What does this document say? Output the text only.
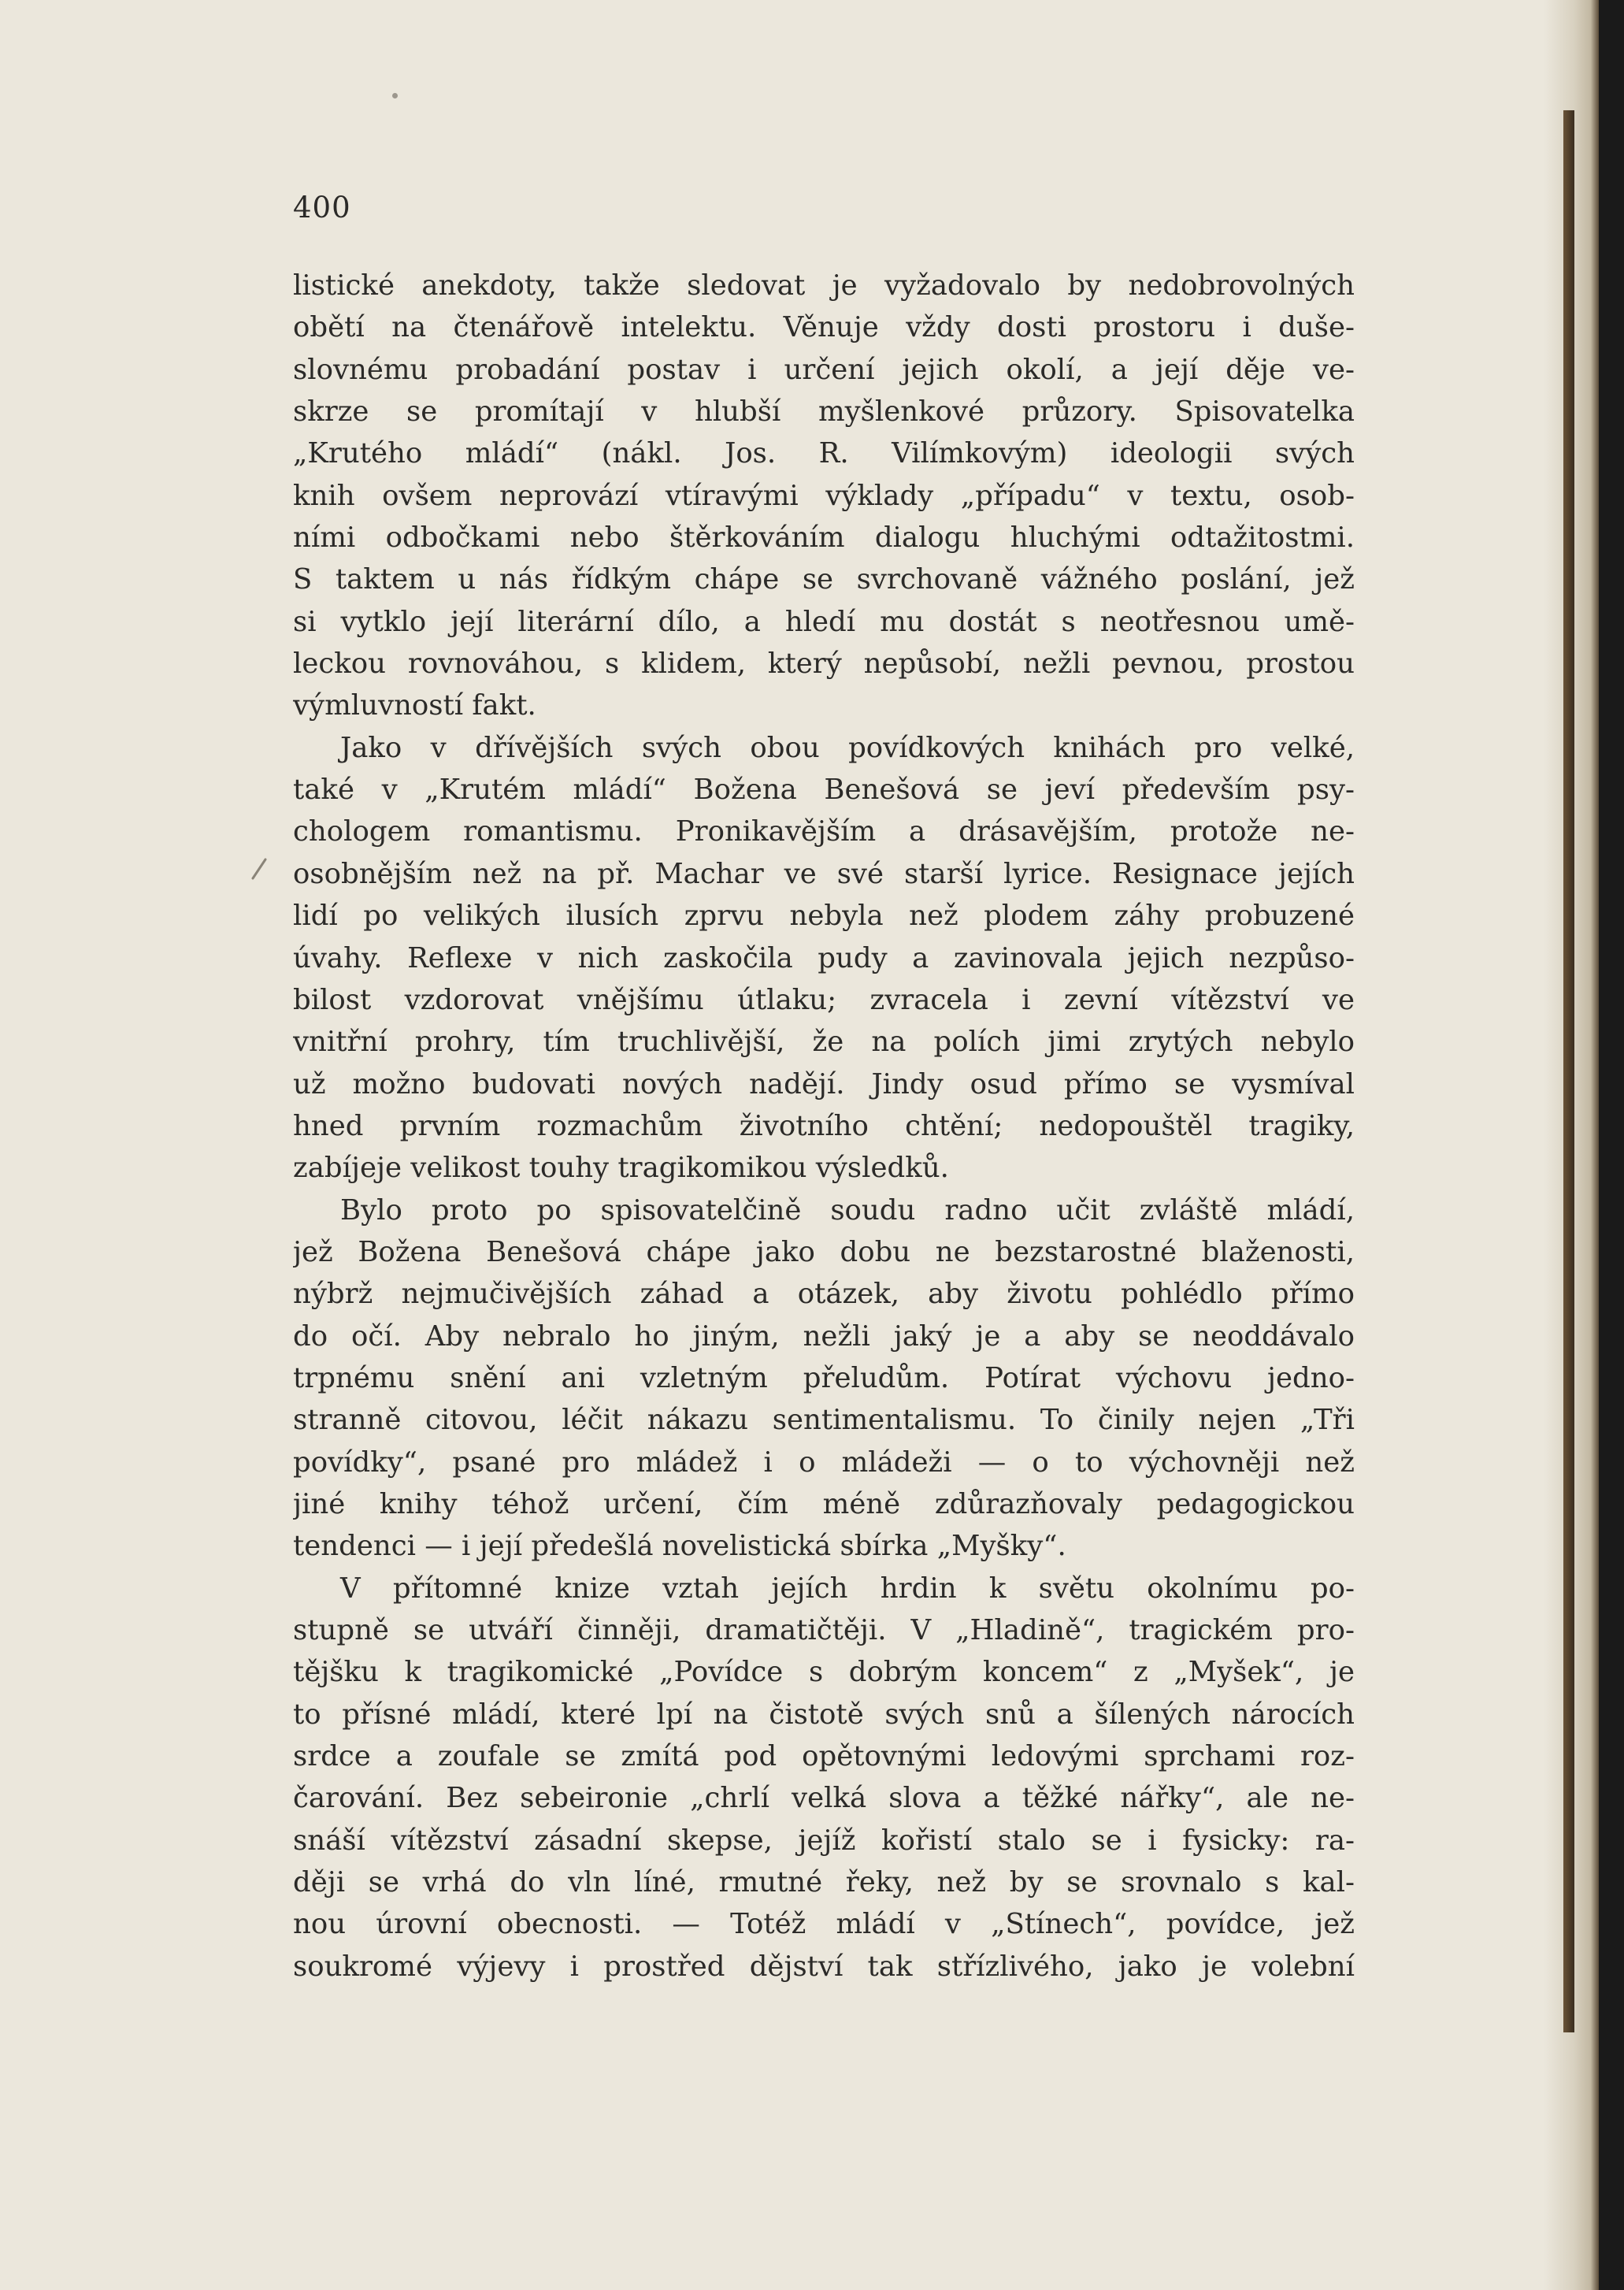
400
listické anekdoty, takže sledovat je vyžadovalo by nedobrovolných
obětí na čtenářově intelektu. Věnuje vždy dosti prostoru i duše-
slovnému probadání postav i určení jejich okolí, a její děje ve-
skrze se promítají v hlubší myšlenkové průzory. Spisovatelka
„Krutého mládí“ (nákl. Jos. R. Vilímkovým) ideologii svých
knih ovšem neprovází vtíravými výklady „případu“ v textu, osob-
ními odbočkami nebo štěrkováním dialogu hluchými odtažitostmi.
S taktem u nás řídkým chápe se svrchovaně vážného poslání, jež
si vytklo její literární dílo, a hledí mu dostát s neotřesnou umě-
leckou rovnováhou, s klidem, který nepůsobí, nežli pevnou, prostou
výmluvností fakt.
Jako v dřívějších svých obou povídkových knihách pro velké,
také v „Krutém mládí“ Božena Benešová se jeví především psy-
chologem romantismu. Pronikavějším a drásavějším, protože ne-
osobnějším než na př. Machar ve své starší lyrice. Resignace jejích
lidí po velikých ilusích zprvu nebyla než plodem záhy probuzené
úvahy. Reflexe v nich zaskočila pudy a zavinovala jejich nezpůso-
bilost vzdorovat vnějšímu útlaku; zvracela i zevní vítězství ve
vnitřní prohry, tím truchlivější, že na polích jimi zrytých nebylo
už možno budovati nových nadějí. Jindy osud přímo se vysmíval
hned prvním rozmachům životního chtění; nedopouštěl tragiky,
zabíjeje velikost touhy tragikomikou výsledků.
Bylo proto po spisovatelčině soudu radno učit zvláště mládí,
jež Božena Benešová chápe jako dobu ne bezstarostné blaženosti,
nýbrž nejmučivějších záhad a otázek, aby životu pohlédlo přímo
do očí. Aby nebralo ho jiným, nežli jaký je a aby se neoddávalo
trpnému snění ani vzletným přeludům. Potírat výchovu jedno-
stranně citovou, léčit nákazu sentimentalismu. To činily nejen „Tři
povídky“, psané pro mládež i o mládeži — o to výchovněji než
jiné knihy téhož určení, čím méně zdůrazňovaly pedagogickou
tendenci — i její předešlá novelistická sbírka „Myšky“.
V přítomné knize vztah jejích hrdin k světu okolnímu po-
stupně se utváří činněji, dramatičtěji. V „Hladině“, tragickém pro-
tějšku k tragikomické „Povídce s dobrým koncem“ z „Myšek“, je
to přísné mládí, které lpí na čistotě svých snů a šílených nárocích
srdce a zoufale se zmítá pod opětovnými ledovými sprchami roz-
čarování. Bez sebeironie „chrlí velká slova a těžké nářky“, ale ne-
snáší vítězství zásadní skepse, jejíž kořistí stalo se i fysicky: ra-
ději se vrhá do vln líné, rmutné řeky, než by se srovnalo s kal-
nou úrovní obecnosti. — Totéž mládí v „Stínech“, povídce, jež
soukromé výjevy i prostřed dějství tak střízlivého, jako je volební
